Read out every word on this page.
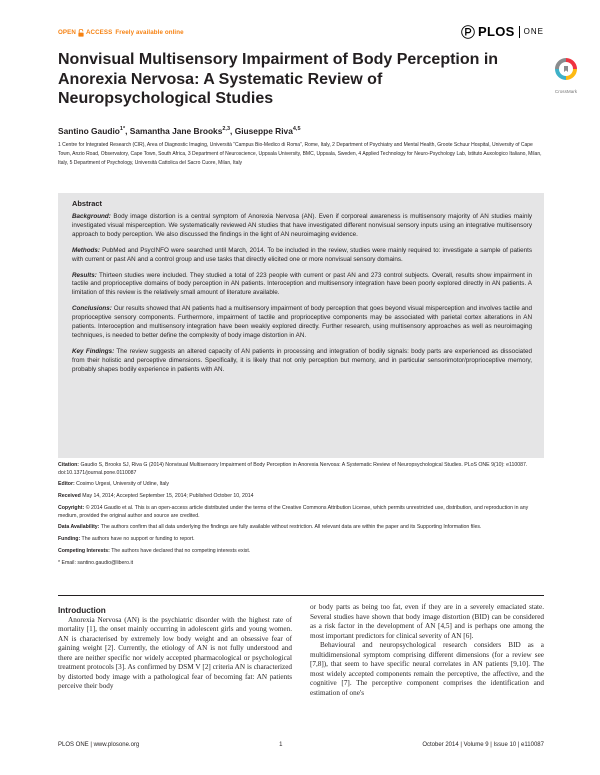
OPEN ACCESS Freely available online	PLOS ONE
Nonvisual Multisensory Impairment of Body Perception in Anorexia Nervosa: A Systematic Review of Neuropsychological Studies	CrossMark
Santino Gaudio$^{1*}$, Samantha Jane Brooks$^{2,3}$, Giuseppe Riva$^{4,5}$
1 Centre for Integrated Research (CIR), Area of Diagnostic Imaging, Università “Campus Bio-Medico di Roma”, Rome, Italy, 2 Department of Psychiatry and Mental Health, Groote Schuur Hospital, University of Cape Town, Anzio Road, Observatory, Cape Town, South Africa, 3 Department of Neuroscience, Uppsala University, BMC, Uppsala, Sweden, 4 Applied Technology for Neuro-Psychology Lab, Istituto Auxologico Italiano, Milan, Italy, 5 Department of Psychology, Università Cattolica del Sacro Cuore, Milan, Italy

Abstract

Background: Body image distortion is a central symptom of Anorexia Nervosa (AN). Even if corporeal awareness is multisensory majority of AN studies mainly investigated visual misperception. We systematically reviewed AN studies that have investigated different nonvisual sensory inputs using an integrative multisensory approach to body perception. We also discussed the findings in the light of AN neuroimaging evidence.

Methods: PubMed and PsycINFO were searched until March, 2014. To be included in the review, studies were mainly required to: investigate a sample of patients with current or past AN and a control group and use tasks that directly elicited one or more nonvisual sensory domains.

Results: Thirteen studies were included. They studied a total of 223 people with current or past AN and 273 control subjects. Overall, results show impairment in tactile and proprioceptive domains of body perception in AN patients. Interoception and multisensory integration have been poorly explored directly in AN patients. A limitation of this review is the relatively small amount of literature available.

Conclusions: Our results showed that AN patients had a multisensory impairment of body perception that goes beyond visual misperception and involves tactile and proprioceptive sensory components. Furthermore, impairment of tactile and proprioceptive components may be associated with parietal cortex alterations in AN patients. Interoception and multisensory integration have been weakly explored directly. Further research, using multisensory approaches as well as neuroimaging techniques, is needed to better define the complexity of body image distortion in AN.

Key Findings: The review suggests an altered capacity of AN patients in processing and integration of bodily signals: body parts are experienced as dissociated from their holistic and perceptive dimensions. Specifically, it is likely that not only perception but memory, and in particular sensorimotor/proprioceptive memory, probably shapes bodily experience in patients with AN.

Citation: Gaudio S, Brooks SJ, Riva G (2014) Nonvisual Multisensory Impairment of Body Perception in Anorexia Nervosa: A Systematic Review of Neuropsychological Studies. PLoS ONE 9(10): e110087. doi:10.1371/journal.pone.0110087

Editor: Cosimo Urgesi, University of Udine, Italy

Received May 14, 2014; Accepted September 15, 2014; Published October 10, 2014

Copyright: © 2014 Gaudio et al. This is an open-access article distributed under the terms of the Creative Commons Attribution License, which permits unrestricted use, distribution, and reproduction in any medium, provided the original author and source are credited.

Data Availability: The authors confirm that all data underlying the findings are fully available without restriction. All relevant data are within the paper and its Supporting Information files.

Funding: The authors have no support or funding to report.

Competing Interests: The authors have declared that no competing interests exist.

* Email: santino.gaudio@libero.it

Introduction

Anorexia Nervosa (AN) is the psychiatric disorder with the highest rate of mortality [1], the onset mainly occurring in adolescent girls and young women. AN is characterised by extremely low body weight and an obsessive fear of gaining weight [2]. Currently, the etiology of AN is not fully understood and there are neither specific nor widely accepted pharmacological or psychological treatment protocols [3]. As confirmed by DSM V [2] criteria AN is characterized by distorted body image with a pathological fear of becoming fat: AN patients perceive their body

or body parts as being too fat, even if they are in a severely emaciated state. Several studies have shown that body image distortion (BID) can be considered as a risk factor in the development of AN [4,5] and is perhaps one among the most important predictors for clinical severity of AN [6].

Behavioural and neuropsychological research considers BID as a multidimensional symptom comprising different dimensions (for a review see [7,8]), that seem to have specific neural correlates in AN patients [9,10]. The most widely accepted components remain the perceptive, the affective, and the cognitive [7]. The perceptive component comprises the identification and estimation of one's

PLOS ONE | www.plosone.org	1	October 2014 | Volume 9 | Issue 10 | e110087
